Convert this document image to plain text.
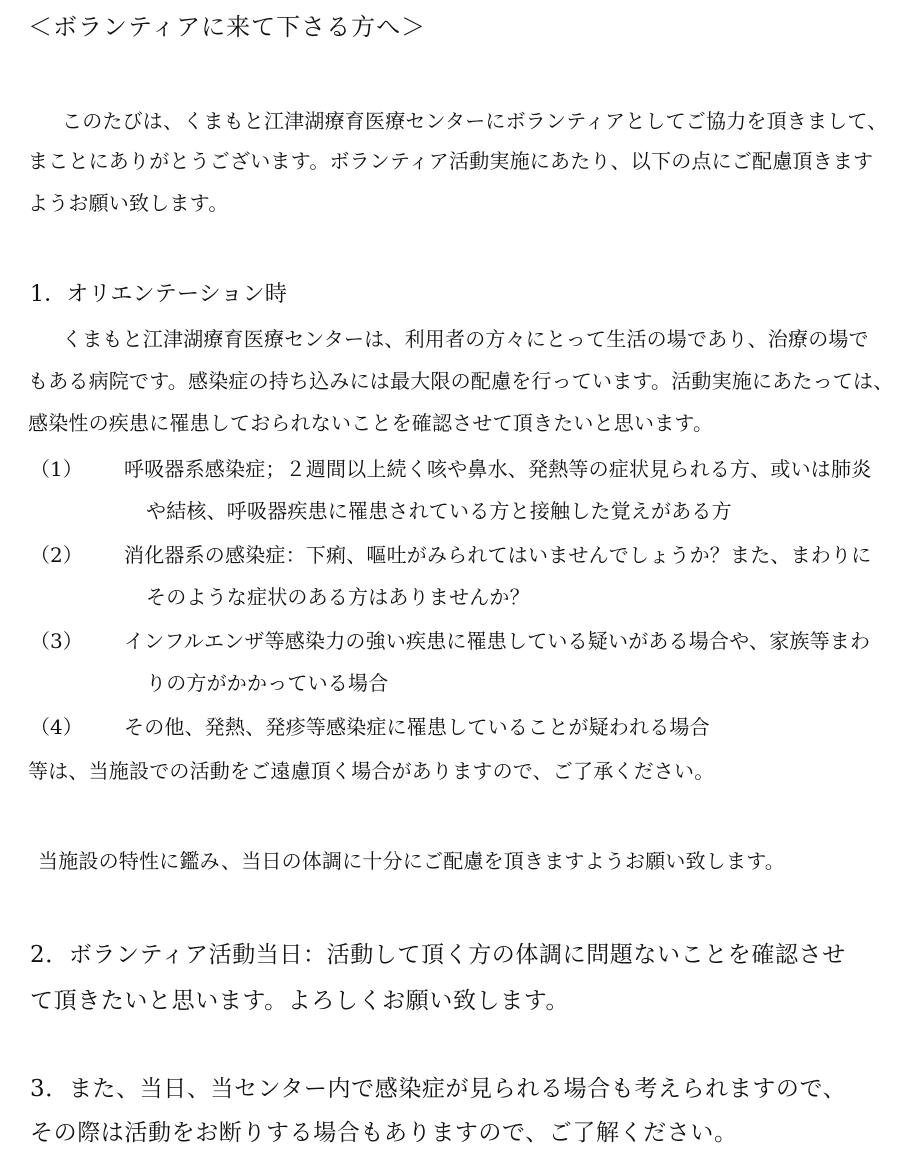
＜ボランティアに来て下さる方へ＞
このたびは、くまもと江津湖療育医療センターにボランティアとしてご協力を頂きまして、
まことにありがとうございます。ボランティア活動実施にあたり、以下の点にご配慮頂きます
ようお願い致します。
1．オリエンテーション時
くまもと江津湖療育医療センターは、利用者の方々にとって生活の場であり、治療の場で
もある病院です。感染症の持ち込みには最大限の配慮を行っています。活動実施にあたっては、
感染性の疾患に罹患しておられないことを確認させて頂きたいと思います。
（1） 呼吸器系感染症；２週間以上続く咳や鼻水、発熱等の症状見られる方、或いは肺炎
や結核、呼吸器疾患に罹患されている方と接触した覚えがある方
（2） 消化器系の感染症：下痢、嘔吐がみられてはいませんでしょうか？また、まわりに
そのような症状のある方はありませんか？
（3） インフルエンザ等感染力の強い疾患に罹患している疑いがある場合や、家族等まわ
りの方がかかっている場合
（4） その他、発熱、発疹等感染症に罹患していることが疑われる場合
等は、当施設での活動をご遠慮頂く場合がありますので、ご了承ください。
当施設の特性に鑑み、当日の体調に十分にご配慮を頂きますようお願い致します。
2．ボランティア活動当日：活動して頂く方の体調に問題ないことを確認させ
て頂きたいと思います。よろしくお願い致します。
3．また、当日、当センター内で感染症が見られる場合も考えられますので、
その際は活動をお断りする場合もありますので、ご了解ください。
